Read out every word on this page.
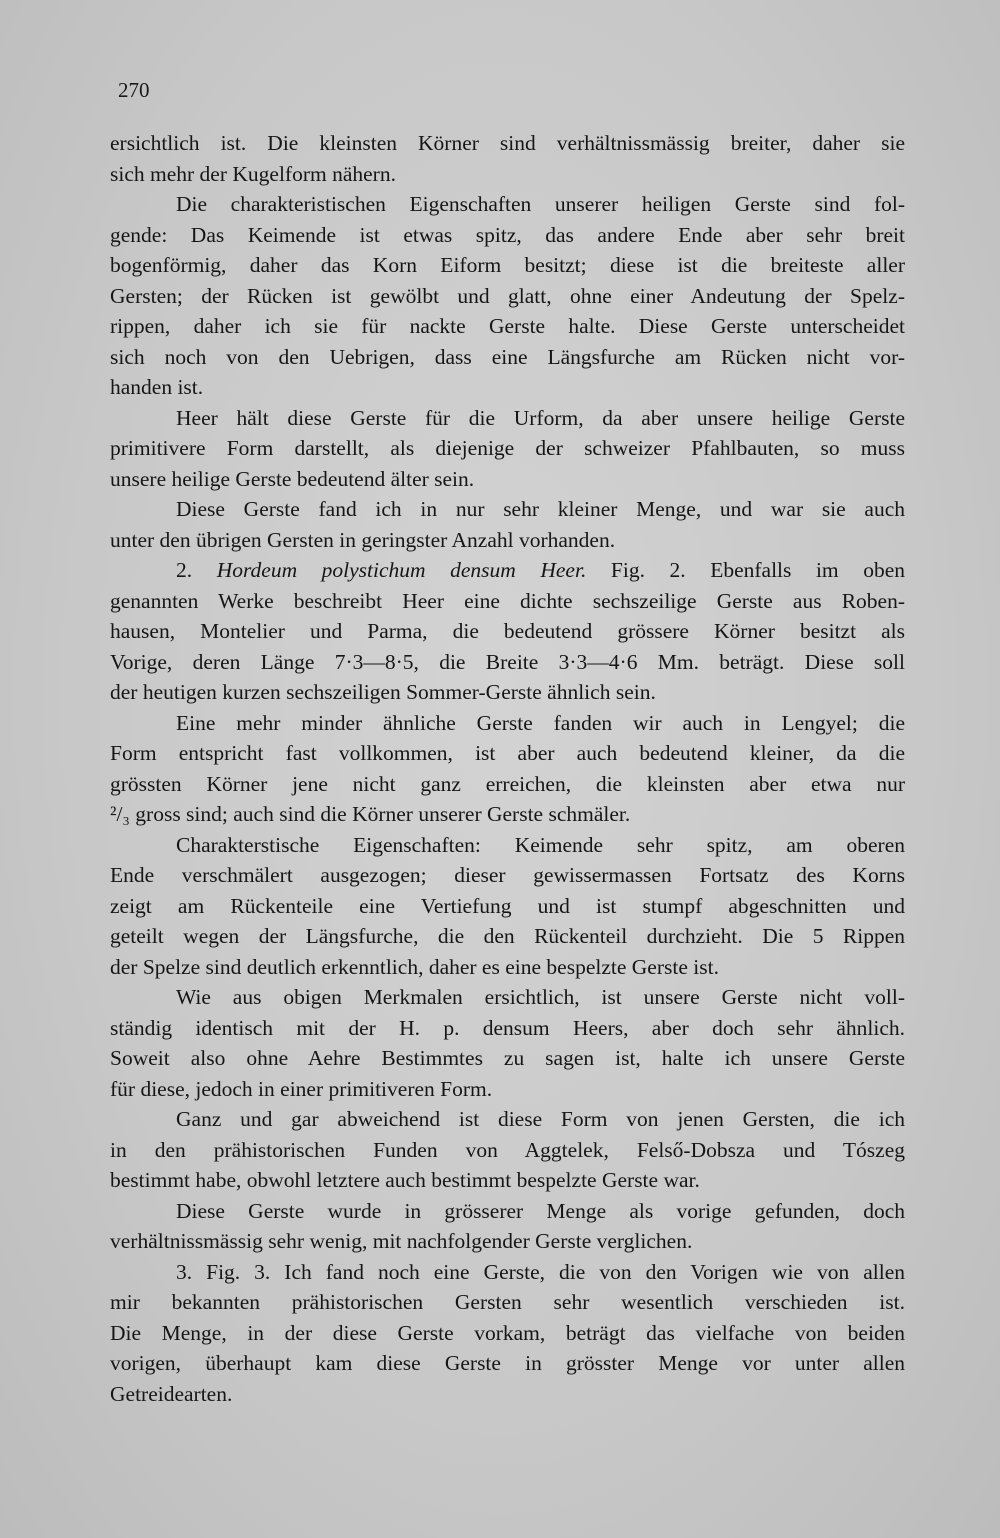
270
ersichtlich ist. Die kleinsten Körner sind verhältnissmässig breiter, daher sie
sich mehr der Kugelform nähern.
Die charakteristischen Eigenschaften unserer heiligen Gerste sind fol-
gende: Das Keimende ist etwas spitz, das andere Ende aber sehr breit
bogenförmig, daher das Korn Eiform besitzt; diese ist die breiteste aller
Gersten; der Rücken ist gewölbt und glatt, ohne einer Andeutung der Spelz-
rippen, daher ich sie für nackte Gerste halte. Diese Gerste unterscheidet
sich noch von den Uebrigen, dass eine Längsfurche am Rücken nicht vor-
handen ist.
Heer hält diese Gerste für die Urform, da aber unsere heilige Gerste
primitivere Form darstellt, als diejenige der schweizer Pfahlbauten, so muss
unsere heilige Gerste bedeutend älter sein.
Diese Gerste fand ich in nur sehr kleiner Menge, und war sie auch
unter den übrigen Gersten in geringster Anzahl vorhanden.
2. Hordeum polystichum densum Heer. Fig. 2. Ebenfalls im oben
genannten Werke beschreibt Heer eine dichte sechszeilige Gerste aus Roben-
hausen, Montelier und Parma, die bedeutend grössere Körner besitzt als
Vorige, deren Länge 7·3—8·5, die Breite 3·3—4·6 Mm. beträgt. Diese soll
der heutigen kurzen sechszeiligen Sommer-Gerste ähnlich sein.
Eine mehr minder ähnliche Gerste fanden wir auch in Lengyel; die
Form entspricht fast vollkommen, ist aber auch bedeutend kleiner, da die
grössten Körner jene nicht ganz erreichen, die kleinsten aber etwa nur
²/₃ gross sind; auch sind die Körner unserer Gerste schmäler.
Charakterstische Eigenschaften: Keimende sehr spitz, am oberen
Ende verschmälert ausgezogen; dieser gewissermassen Fortsatz des Korns
zeigt am Rückenteile eine Vertiefung und ist stumpf abgeschnitten und
geteilt wegen der Längsfurche, die den Rückenteil durchzieht. Die 5 Rippen
der Spelze sind deutlich erkenntlich, daher es eine bespelzte Gerste ist.
Wie aus obigen Merkmalen ersichtlich, ist unsere Gerste nicht voll-
ständig identisch mit der H. p. densum Heers, aber doch sehr ähnlich.
Soweit also ohne Aehre Bestimmtes zu sagen ist, halte ich unsere Gerste
für diese, jedoch in einer primitiveren Form.
Ganz und gar abweichend ist diese Form von jenen Gersten, die ich
in den prähistorischen Funden von Aggtelek, Felső-Dobsza und Tószeg
bestimmt habe, obwohl letztere auch bestimmt bespelzte Gerste war.
Diese Gerste wurde in grösserer Menge als vorige gefunden, doch
verhältnissmässig sehr wenig, mit nachfolgender Gerste verglichen.
3. Fig. 3. Ich fand noch eine Gerste, die von den Vorigen wie von allen
mir bekannten prähistorischen Gersten sehr wesentlich verschieden ist.
Die Menge, in der diese Gerste vorkam, beträgt das vielfache von beiden
vorigen, überhaupt kam diese Gerste in grösster Menge vor unter allen
Getreidearten.
